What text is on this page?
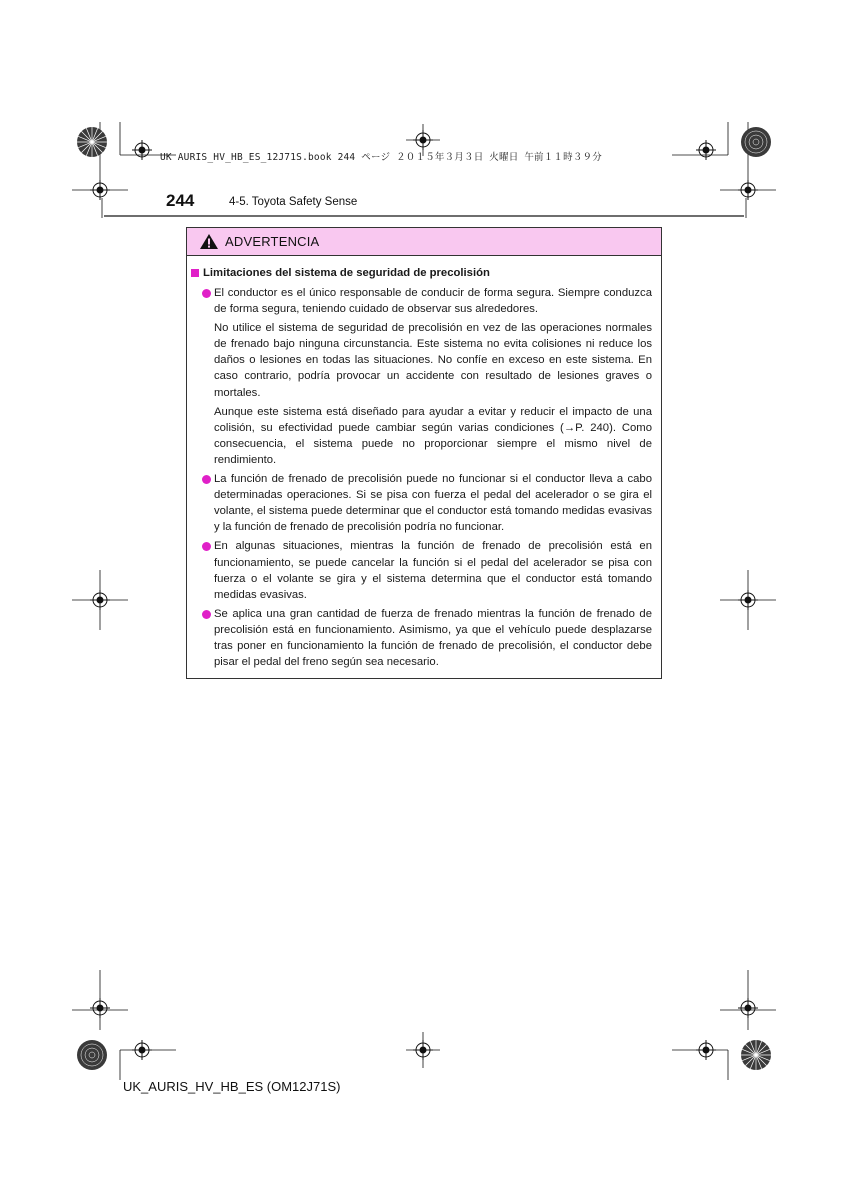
UK AURIS_HV_HB_ES_12J71S.book 244 ページ ２０１５年３月３日 火曜日 午前１１時３９分
244	4-5. Toyota Safety Sense
ADVERTENCIA
Limitaciones del sistema de seguridad de precolisión

El conductor es el único responsable de conducir de forma segura. Siempre conduzca de forma segura, teniendo cuidado de observar sus alrededores.

No utilice el sistema de seguridad de precolisión en vez de las operaciones normales de frenado bajo ninguna circunstancia. Este sistema no evita colisiones ni reduce los daños o lesiones en todas las situaciones. No confíe en exceso en este sistema. En caso contrario, podría provocar un accidente con resultado de lesiones graves o mortales.

Aunque este sistema está diseñado para ayudar a evitar y reducir el impacto de una colisión, su efectividad puede cambiar según varias condiciones (→P. 240). Como consecuencia, el sistema puede no proporcionar siempre el mismo nivel de rendimiento.

La función de frenado de precolisión puede no funcionar si el conductor lleva a cabo determinadas operaciones. Si se pisa con fuerza el pedal del acelerador o se gira el volante, el sistema puede determinar que el conductor está tomando medidas evasivas y la función de frenado de precolisión podría no funcionar.

En algunas situaciones, mientras la función de frenado de precolisión está en funcionamiento, se puede cancelar la función si el pedal del acelerador se pisa con fuerza o el volante se gira y el sistema determina que el conductor está tomando medidas evasivas.

Se aplica una gran cantidad de fuerza de frenado mientras la función de frenado de precolisión está en funcionamiento. Asimismo, ya que el vehículo puede desplazarse tras poner en funcionamiento la función de frenado de precolisión, el conductor debe pisar el pedal del freno según sea necesario.

UK_AURIS_HV_HB_ES (OM12J71S)
